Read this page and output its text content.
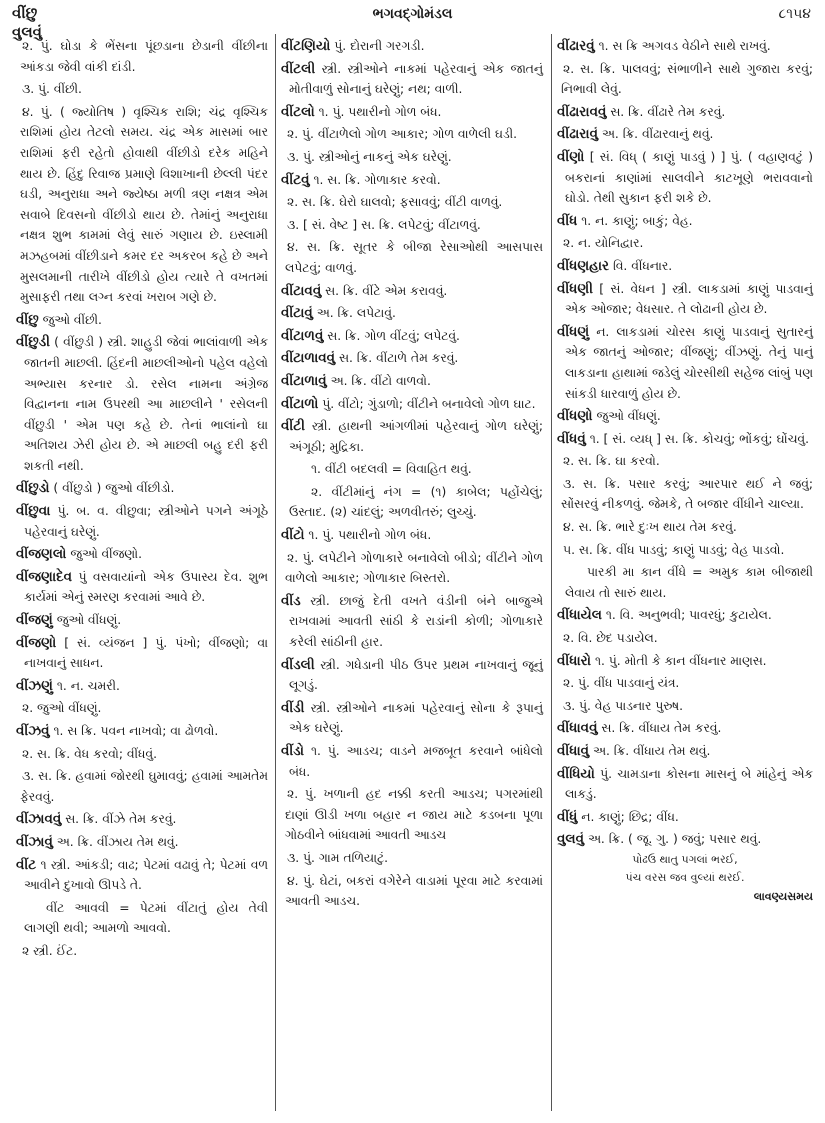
વીંછુ
વુલવું
ભગવદ્ગોમંડલ	૮૧૫૪
૨. પું. ઘોડા કે ભેંસના પૂંછડાના છેડાની વીંછીના આંકડા જેવી વાંકી દાંડી.
૩. પું. વીંછી.
૪. પું. ( જ્યોતિષ ) વૃશ્ચિક રાશિ; ચંદ્ર વૃશ્ચિક રાશિમાં હોય તેટલો સમય. ચંદ્ર એક માસમાં બાર રાશિમાં ફરી રહેતો હોવાથી વીંછીડો દરેક મહિને થાય છે. હિંદુ રિવાજ પ્રમાણે વિશાખાની છેલ્લી પંદર ઘડી, અનુરાધા અને જ્યેષ્ઠા મળી ત્રણ નક્ષત્ર એમ સવાબે દિવસનો વીંછીડો થાય છે. તેમાંનું અનુરાધા નક્ષત્ર શુભ કામમાં લેવું સારું ગણાય છે. ઇસ્લામી મઝહબમાં વીંછીડાને કમર દર અકરબ કહે છે અને મુસલમાની તારીખે વીંછીડો હોય ત્યારે તે વખતમાં મુસાફરી તથા લગ્ન કરવાં ખરાબ ગણે છે.
વીંછુ જુઓ વીંછી.
વીંછુડી ( વીંછુડી ) સ્ત્રી. શાહુડી જેવાં ભાલાંવાળી એક જાતની માછલી. હિંદની માછલીઓનો પહેલ વહેલો અભ્યાસ કરનાર ડો. રસેલ નામના અંગ્રેજ વિદ્વાનના નામ ઉપરથી આ માછલીને ' રસેલની વીંછુડી ' એમ પણ કહે છે. તેનાં ભાલાંનો ઘા અતિશય ઝેરી હોય છે. એ માછલી બહુ દરી ફરી શકતી નથી.
વીંછુડો ( વીંછુડો ) જુઓ વીંછીડો.
વીંછુવા પું. બ. વ. વીછુવા; સ્ત્રીઓને પગને અંગૂઠે પહેરવાનું ઘરેણું.
વીંજણલો જુઓ વીંજણો.
વીંજણાદેવ પું વસવાયાંનો એક ઉપાસ્ય દેવ. શુભ કાર્યમાં એનું સ્મરણ કરવામાં આવે છે.
વીંજણું જુઓ વીંધણું.
વીંજણો [ સં. વ્યંજન ] પું. પંખો; વીંજણો; વા નાખવાનું સાધન.
વીંઝણું ૧. ન. ચમરી.
૨. જુઓ વીંધણું.
વીંઝવું ૧. સ ક્રિ. પવન નાખવો; વા ઢોળવો.
૨. સ. ક્રિ. વેધ કરવો; વીંધવું.
૩. સ. ક્રિ. હવામાં જોરથી ઘુમાવવું; હવામાં આમતેમ ફેરવવું.
વીંઝાવવું સ. ક્રિ. વીંઝે તેમ કરવું.
વીંઝાવું અ. ક્રિ. વીંઝાય તેમ થવું.
વીંટ ૧ સ્ત્રી. આંકડી; વાઢ; પેટમાં વઢાવું તે; પેટમાં વળ આવીને દુખાવો ઊપડે તે.
વીંટ આવવી = પેટમાં વીંટાતું હોય તેવી લાગણી થવી; આમળો આવવો.
૨ સ્ત્રી. ઈંટ.
વીંટણિયો પું. દોરાની ગરગડી.
વીંટલી સ્ત્રી. સ્ત્રીઓને નાકમાં પહેરવાનું એક જાતનું મોતીવાળું સોનાનું ઘરેણું; નથ; વાળી.
વીંટલો ૧. પું. પથારીનો ગોળ બંધ.
૨. પું. વીંટાળેલો ગોળ આકાર; ગોળ વાળેલી ઘડી.
૩. પું. સ્ત્રીઓનું નાકનું એક ઘરેણું.
વીંટવું ૧. સ. ક્રિ. ગોળાકાર કરવો.
૨. સ. ક્રિ. ઘેરો ઘાલવો; ફસાવવું; વીંટી વાળવું.
૩. [ સં. વેષ્ટ ] સ. ક્રિ. લપેટવું; વીંટાળવું.
૪. સ. ક્રિ. સૂતર કે બીજા રેસાઓથી આસપાસ લપેટવું; વાળવું.
વીંટાવવું સ. ક્રિ. વીંટે એમ કરાવવું.
વીંટાવું અ. ક્રિ. લપેટાવું.
વીંટાળવું સ. ક્રિ. ગોળ વીંટવું; લપેટવું.
વીંટાળાવવું સ. ક્રિ. વીંટાળે તેમ કરવું.
વીંટાળાવું અ. ક્રિ. વીંટો વાળવો.
વીંટાળો પું. વીંટો; ગુંડાળો; વીંટીને બનાવેલો ગોળ ઘાટ.
વીંટી સ્ત્રી. હાથની આંગળીમાં પહેરવાનું ગોળ ઘરેણું; અંગૂઠી; મુદ્રિકા.
૧. વીંટી બદલવી = વિવાહિત થવું.
૨. વીંટીમાંનું નંગ = (૧) કાબેલ; પહોંચેલું; ઉસ્તાદ. (૨) ચાંદલું; અળવીતરું; લુચ્ચું.
વીંટો ૧. પું. પથારીનો ગોળ બંધ.
૨. પું. લપેટીને ગોળાકારે બનાવેલો બીડો; વીંટીને ગોળ વાળેલો આકાર; ગોળાકાર બિસ્તરો.
વીંડ સ્ત્રી. છાજું દેતી વખતે વંડીની બંને બાજુએ રાખવામાં આવતી સાંઠી કે રાડાંની કોળી; ગોળાકારે કરેલી સાંઠીની હાર.
વીંડલી સ્ત્રી. ગધેડાની પીઠ ઉપર પ્રથમ નાખવાનું જૂનું લૂગડું.
વીંડી સ્ત્રી. સ્ત્રીઓને નાકમાં પહેરવાનું સોના કે રૂપાનું એક ઘરેણું.
વીંડો ૧. પું. આડચ; વાડને મજબૂત કરવાને બાંધેલો બંધ.
૨. પું. ખળાની હદ નક્કી કરતી આડચ; પગરમાંથી દાણાં ઊડી ખળા બહાર ન જાય માટે કડબના પૂળા ગોઠવીને બાંધવામાં આવતી આડચ
૩. પું. ગામ તળિયાટું.
૪. પું. ઘેટાં, બકરાં વગેરેને વાડામાં પૂરવા માટે કરવામાં આવતી આડચ.
વીંઢારવું ૧. સ ક્રિ અગવડ વેઠીને સાથે રાખવું.
૨. સ. ક્રિ. પાલવવું; સંભાળીને સાથે ગુજારા કરવું; નિભાવી લેવું.
વીંઢારાવવું સ. ક્રિ. વીંઢારે તેમ કરવું.
વીંઢારાવું અ. ક્રિ. વીંઢારવાનું થવું.
વીંણો [ સં. વિધ્ ( કાણું પાડવું ) ] પું. ( વહાણવટું ) બકરાનાં કાણાંમાં સાલવીને કાટખૂણે ભરાવવાનો ઘોડો. તેથી સુકાન ફરી શકે છે.
વીંધ ૧. ન. કાણું; બાકું; વેહ.
૨. ન. યોનિદ્વાર.
વીંધણહાર વિ. વીંધનાર.
વીંધણી [ સં. વેધન ] સ્ત્રી. લાકડામાં કાણું પાડવાનું એક ઓજાર; વેધસાર. તે લોઢાની હોય છે.
વીંધણું ન. લાકડામાં ચોરસ કાણું પાડવાનું સુતારનું એક જાતનું ઓજાર; વીંજણું; વીંઝણું. તેનું પાનું લાકડાના હાથામાં જડેલું ચોરસીથી સહેજ લાંબું પણ સાંકડી ધારવાળું હોય છે.
વીંધણો જુઓ વીંધણું.
વીંધવું ૧. [ સં. વ્યધ્ ] સ. ક્રિ. કોચવું; ભોંકવું; ઘોંચવું.
૨. સ. ક્રિ. ઘા કરવો.
૩. સ. ક્રિ. પસાર કરવું; આરપાર થઈ ને જવું; સોંસરવું નીકળવું. જેમકે, તે બજાર વીંધીને ચાલ્યા.
૪. સ. ક્રિ. ભારે દુઃખ થાય તેમ કરવું.
૫. સ. ક્રિ. વીંધ પાડવું; કાણું પાડવું; વેહ પાડવો.
પારકી મા કાન વીંધે = અમુક કામ બીજાથી લેવાય તો સારું થાય.
વીંધાયેલ ૧. વિ. અનુભવી; પાવરધું; કુટાયેલ.
૨. વિ. છેદ પડાયેલ.
વીંધારો ૧. પું. મોતી કે કાન વીંધનાર માણસ.
૨. પું. વીંધ પાડવાનું યંત્ર.
૩. પું. વેહ પાડનાર પુરુષ.
વીંધાવવું સ. ક્રિ. વીંધાય તેમ કરવું.
વીંધાવું અ. ક્રિ. વીંધાય તેમ થવું.
વીંધિયો પું. ચામડાના કોસના માસનું બે માંહેનું એક લાકડું.
વીંધું ન. કાણું; છિદ્ર; વીંધ.
વુલવું અ. ક્રિ. ( જૂ. ગુ. ) જવું; પસાર થવું.
પોઢઉ થાતુ પગલાં ભરઈ,
પંચ વરસ જવ વુલ્યાં થરઈ.
લાવણ્યસમય
